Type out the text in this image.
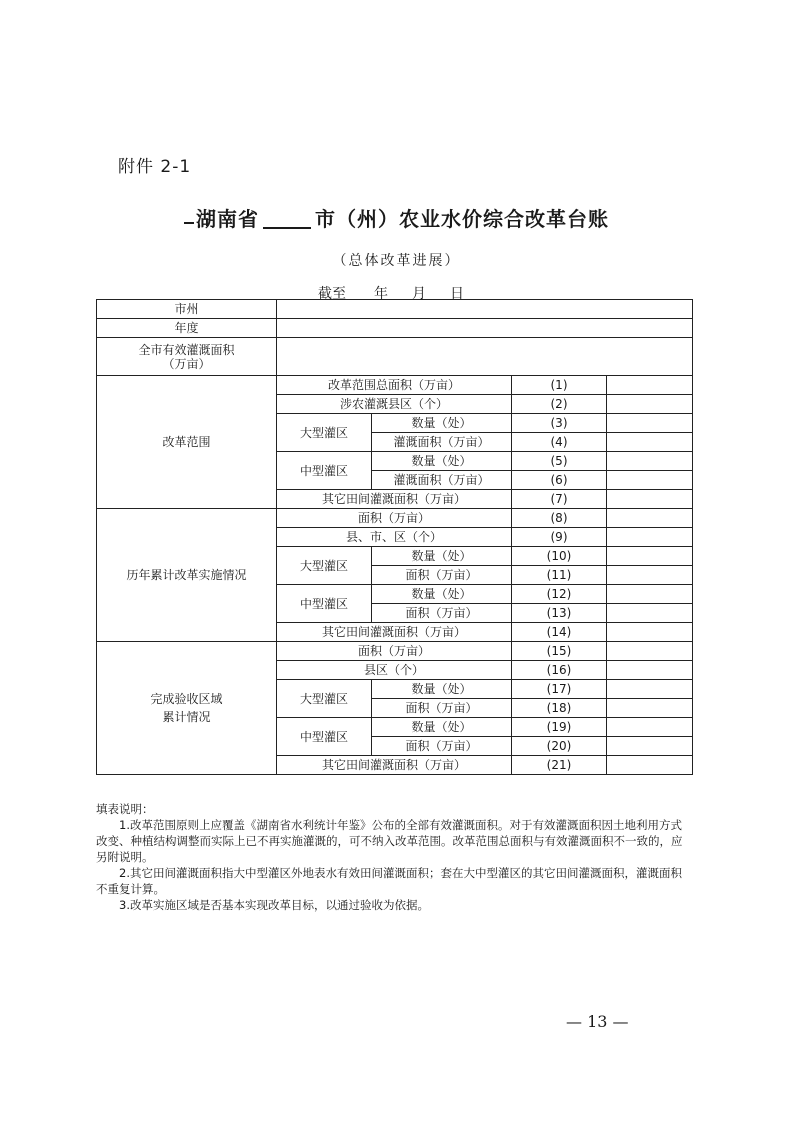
附件 2-1
湖南省	市（州）农业水价综合改革台账
（总体改革进展）
截至 年 月 日
市州				
年度				

全市有效灌溉面积
（万亩）				

改革范围	改革范围总面积（万亩）		(1)	
	涉农灌溉县区（个）		(2)	
	大型灌区	数量（处）	(3)	
		灌溉面积（万亩）	(4)	
	中型灌区	数量（处）	(5)	
		灌溉面积（万亩）	(6)	
	其它田间灌溉面积（万亩）		(7)	
历年累计改革实施情况	面积（万亩）		(8)	
	县、市、区（个）		(9)	
	大型灌区	数量（处）	(10)	
		面积（万亩）	(11)	
	中型灌区	数量（处）	(12)	
		面积（万亩）	(13)	
	其它田间灌溉面积（万亩）		(14)	

完成验收区域
累计情况	面积（万亩）		(15)	
	县区（个）		(16)	
	大型灌区	数量（处）	(17)	
		面积（万亩）	(18)	
	中型灌区	数量（处）	(19)	
		面积（万亩）	(20)	
	其它田间灌溉面积（万亩）		(21)	
填表说明：

1.改革范围原则上应覆盖《湖南省水利统计年鉴》公布的全部有效灌溉面积。对于有效灌溉面积因土地利用方式改变、种植结构调整而实际上已不再实施灌溉的，可不纳入改革范围。改革范围总面积与有效灌溉面积不一致的，应另附说明。

2.其它田间灌溉面积指大中型灌区外地表水有效田间灌溉面积；套在大中型灌区的其它田间灌溉面积，灌溉面积不重复计算。

3.改革实施区域是否基本实现改革目标，以通过验收为依据。

— 13 —
